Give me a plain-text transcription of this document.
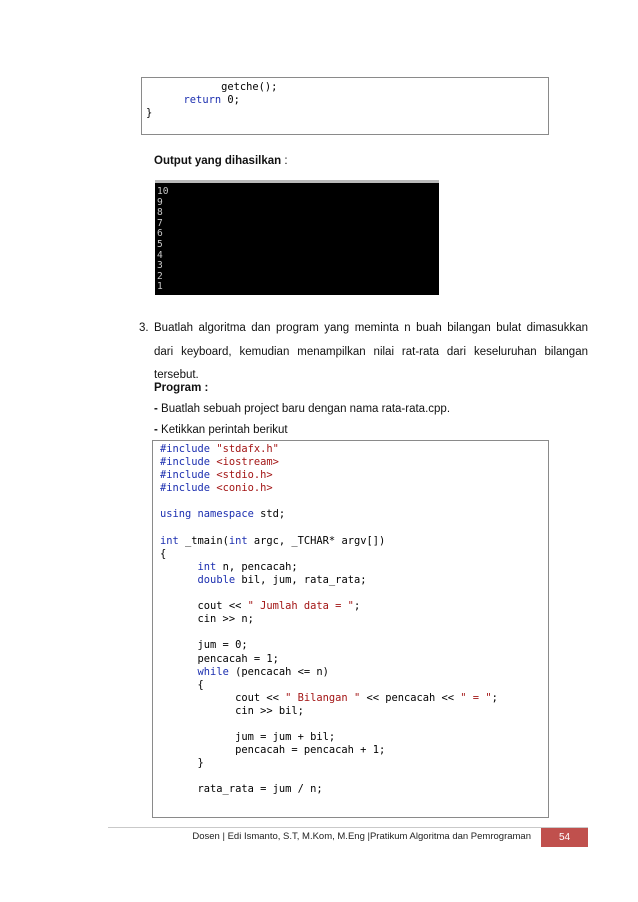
getche();
return 0;
}
Output yang dihasilkan :
10
9
8
7
6
5
4
3
2
1
3. Buatlah algoritma dan program yang meminta n buah bilangan bulat dimasukkan
dari keyboard, kemudian menampilkan nilai rat-rata dari keseluruhan bilangan
tersebut.
Program :
- Buatlah sebuah project baru dengan nama rata-rata.cpp.
- Ketikkan perintah berikut
#include "stdafx.h"
#include <iostream>
#include <stdio.h>
#include <conio.h>
using namespace std;
int _tmain(int argc, _TCHAR* argv[])
{
int n, pencacah;
double bil, jum, rata_rata;
cout << " Jumlah data = ";
cin >> n;
jum = 0;
pencacah = 1;
while (pencacah <= n)
{
cout << " Bilangan " << pencacah << " = ";
cin >> bil;
jum = jum + bil;
pencacah = pencacah + 1;
}
rata_rata = jum / n;
Dosen | Edi Ismanto, S.T, M.Kom, M.Eng |Pratikum Algoritma dan Pemrograman	54
